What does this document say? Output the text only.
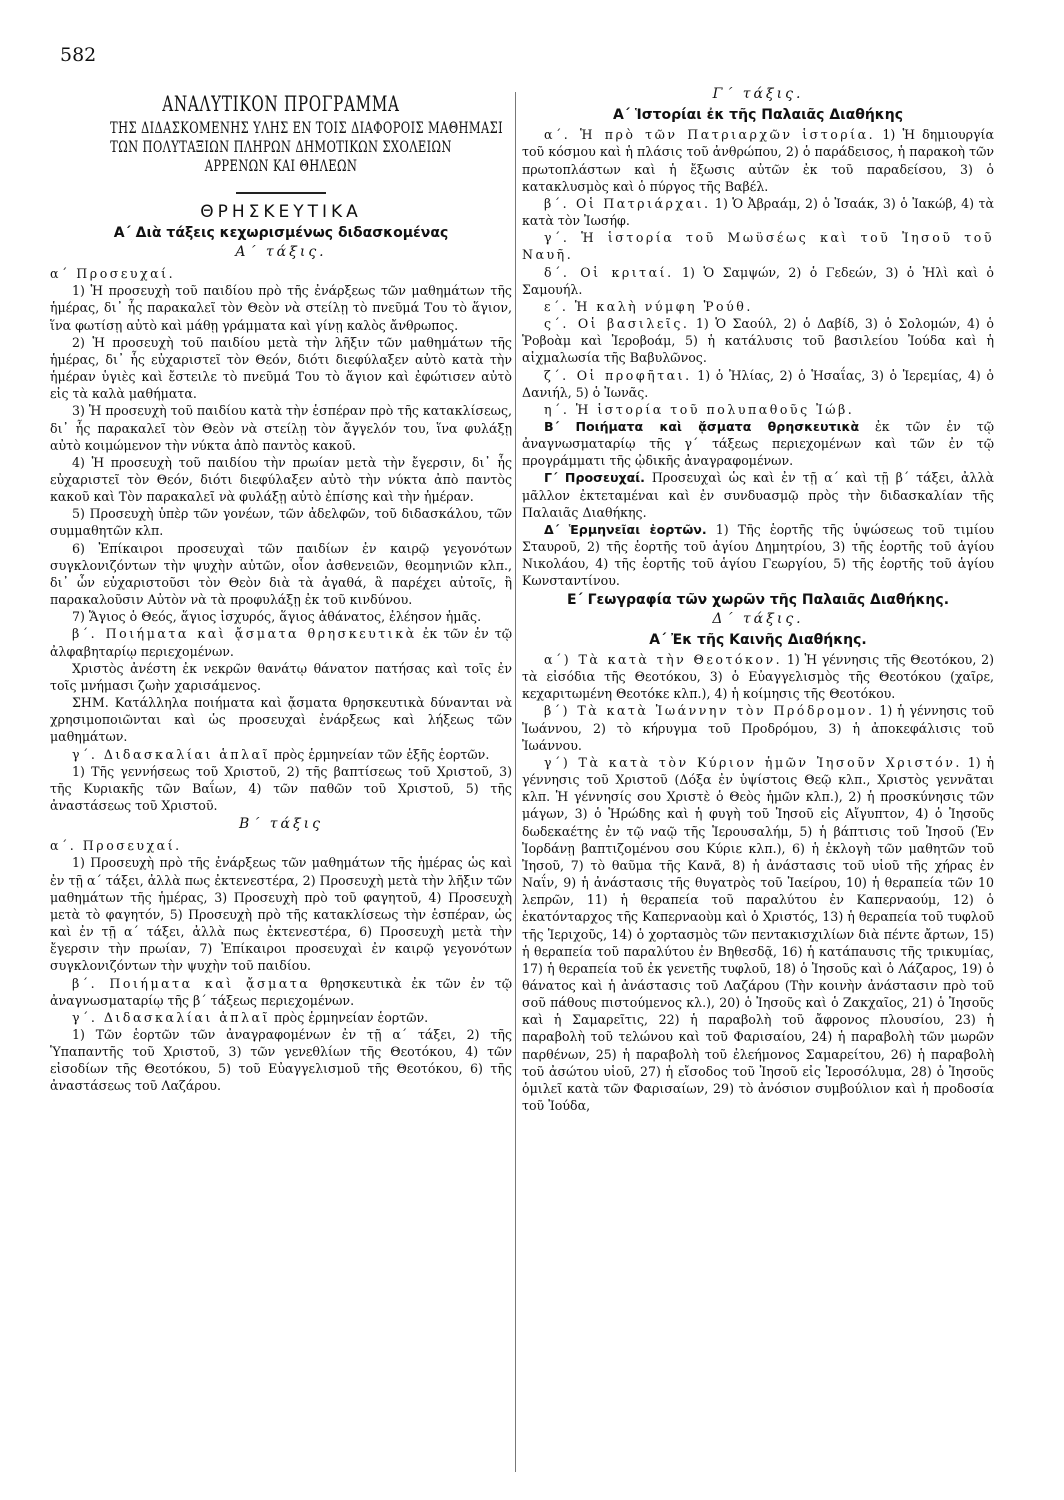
582
ΑΝΑΛΥΤΙΚΟΝ ΠΡΟΓΡΑΜΜΑ

ΤΗΣ ΔΙΔΑΣΚΟΜΕΝΗΣ ΥΛΗΣ ΕΝ ΤΟΙΣ ΔΙΑΦΟΡΟΙΣ ΜΑΘΗΜΑΣΙ

ΤΩΝ ΠΟΛΥΤΑΞΙΩΝ ΠΛΗΡΩΝ ΔΗΜΟΤΙΚΩΝ ΣΧΟΛΕΙΩΝ

ΑΡΡΕΝΩΝ ΚΑΙ ΘΗΛΕΩΝ

ΘΡΗΣΚΕΥΤΙΚΑ
Α΄ Διὰ τάξεις κεχωρισμένως διδασκομένας
Α΄ τάξις.

α΄ Προσευχαί.

1) Ἡ προσευχὴ τοῦ παιδίου πρὸ τῆς ἐνάρξεως τῶν μαθημάτων τῆς ἡμέρας, δι᾽ ἧς παρακαλεῖ τὸν Θεὸν νὰ στείλῃ τὸ πνεῦμά Του τὸ ἅγιον, ἵνα φωτίσῃ αὐτὸ καὶ μάθῃ γράμματα καὶ γίνῃ καλὸς ἄνθρωπος.

2) Ἡ προσευχὴ τοῦ παιδίου μετὰ τὴν λῆξιν τῶν μαθημάτων τῆς ἡμέρας, δι᾽ ἧς εὐχαριστεῖ τὸν Θεόν, διότι διεφύλαξεν αὐτὸ κατὰ τὴν ἡμέραν ὑγιὲς καὶ ἔστειλε τὸ πνεῦμά Του τὸ ἅγιον καὶ ἐφώτισεν αὐτὸ εἰς τὰ καλὰ μαθήματα.

3) Ἡ προσευχὴ τοῦ παιδίου κατὰ τὴν ἑσπέραν πρὸ τῆς κατακλίσεως, δι᾽ ἧς παρακαλεῖ τὸν Θεὸν νὰ στείλῃ τὸν ἄγγελόν του, ἵνα φυλάξῃ αὐτὸ κοιμώμενον τὴν νύκτα ἀπὸ παντὸς κακοῦ.

4) Ἡ προσευχὴ τοῦ παιδίου τὴν πρωίαν μετὰ τὴν ἔγερσιν, δι᾽ ἧς εὐχαριστεῖ τὸν Θεόν, διότι διεφύλαξεν αὐτὸ τὴν νύκτα ἀπὸ παντὸς κακοῦ καὶ Τὸν παρακαλεῖ νὰ φυλάξῃ αὐτὸ ἐπίσης καὶ τὴν ἡμέραν.

5) Προσευχὴ ὑπὲρ τῶν γονέων, τῶν ἀδελφῶν, τοῦ διδασκάλου, τῶν συμμαθητῶν κλπ.

6) Ἐπίκαιροι προσευχαὶ τῶν παιδίων ἐν καιρῷ γεγονότων συγκλονιζόντων τὴν ψυχὴν αὐτῶν, οἷον ἀσθενειῶν, θεομηνιῶν κλπ., δι᾽ ὧν εὐχαριστοῦσι τὸν Θεὸν διὰ τὰ ἀγαθά, ἃ παρέχει αὐτοῖς, ἢ παρακαλοῦσιν Αὐτὸν νὰ τὰ προφυλάξῃ ἐκ τοῦ κινδύνου.

7) Ἅγιος ὁ Θεός, ἅγιος ἰσχυρός, ἅγιος ἀθάνατος, ἐλέησον ἡμᾶς.

β΄. Ποιήματα καὶ ᾄσματα θρησκευτικὰ ἐκ τῶν ἐν τῷ ἀλφαβηταρίῳ περιεχομένων.

Χριστὸς ἀνέστη ἐκ νεκρῶν θανάτῳ θάνατον πατήσας καὶ τοῖς ἐν τοῖς μνήμασι ζωὴν χαρισάμενος.

ΣΗΜ. Κατάλληλα ποιήματα καὶ ᾄσματα θρησκευτικὰ δύνανται νὰ χρησιμοποιῶνται καὶ ὡς προσευχαὶ ἐνάρξεως καὶ λήξεως τῶν μαθημάτων.

γ΄. Διδασκαλίαι ἁπλαῖ πρὸς ἑρμηνείαν τῶν ἑξῆς ἑορτῶν.

1) Τῆς γεννήσεως τοῦ Χριστοῦ, 2) τῆς βαπτίσεως τοῦ Χριστοῦ, 3) τῆς Κυριακῆς τῶν Βαΐων, 4) τῶν παθῶν τοῦ Χριστοῦ, 5) τῆς ἀναστάσεως τοῦ Χριστοῦ.

Β΄ τάξις

α΄. Προσευχαί.

1) Προσευχὴ πρὸ τῆς ἐνάρξεως τῶν μαθημάτων τῆς ἡμέρας ὡς καὶ ἐν τῇ α΄ τάξει, ἀλλὰ πως ἐκτενεστέρα, 2) Προσευχὴ μετὰ τὴν λῆξιν τῶν μαθημάτων τῆς ἡμέρας, 3) Προσευχὴ πρὸ τοῦ φαγητοῦ, 4) Προσευχὴ μετὰ τὸ φαγητόν, 5) Προσευχὴ πρὸ τῆς κατακλίσεως τὴν ἑσπέραν, ὡς καὶ ἐν τῇ α΄ τάξει, ἀλλὰ πως ἐκτενεστέρα, 6) Προσευχὴ μετὰ τὴν ἔγερσιν τὴν πρωίαν, 7) Ἐπίκαιροι προσευχαὶ ἐν καιρῷ γεγονότων συγκλονιζόντων τὴν ψυχὴν τοῦ παιδίου.

β΄. Ποιήματα καὶ ᾄσματα θρησκευτικὰ ἐκ τῶν ἐν τῷ ἀναγνωσματαρίῳ τῆς β΄ τάξεως περιεχομένων.

γ΄. Διδασκαλίαι ἁπλαῖ πρὸς ἑρμηνείαν ἑορτῶν.

1) Τῶν ἑορτῶν τῶν ἀναγραφομένων ἐν τῇ α΄ τάξει, 2) τῆς Ὑπαπαντῆς τοῦ Χριστοῦ, 3) τῶν γενεθλίων τῆς Θεοτόκου, 4) τῶν εἰσοδίων τῆς Θεοτόκου, 5) τοῦ Εὐαγγελισμοῦ τῆς Θεοτόκου, 6) τῆς ἀναστάσεως τοῦ Λαζάρου.

Γ΄ τάξις.
Α΄ Ἱστορίαι ἐκ τῆς Παλαιᾶς Διαθήκης

α΄. Ἡ πρὸ τῶν Πατριαρχῶν ἱστορία. 1) Ἡ δημιουργία τοῦ κόσμου καὶ ἡ πλάσις τοῦ ἀνθρώπου, 2) ὁ παράδεισος, ἡ παρακοὴ τῶν πρωτοπλάστων καὶ ἡ ἔξωσις αὐτῶν ἐκ τοῦ παραδείσου, 3) ὁ κατακλυσμὸς καὶ ὁ πύργος τῆς Βαβέλ.

β΄. Οἱ Πατριάρχαι. 1) Ὁ Ἀβραάμ, 2) ὁ Ἰσαάκ, 3) ὁ Ἰακώβ, 4) τὰ κατὰ τὸν Ἰωσήφ.

γ΄. Ἡ ἱστορία τοῦ Μωϋσέως καὶ τοῦ Ἰησοῦ τοῦ Ναυῆ.

δ΄. Οἱ κριταί. 1) Ὁ Σαμψών, 2) ὁ Γεδεών, 3) ὁ Ἠλὶ καὶ ὁ Σαμουήλ.

ε΄. Ἡ καλὴ νύμφη Ῥούθ.

ς΄. Οἱ βασιλεῖς. 1) Ὁ Σαούλ, 2) ὁ Δαβίδ, 3) ὁ Σολομών, 4) ὁ Ῥοβοὰμ καὶ Ἰεροβοάμ, 5) ἡ κατάλυσις τοῦ βασιλείου Ἰούδα καὶ ἡ αἰχμαλωσία τῆς Βαβυλῶνος.

ζ΄. Οἱ προφῆται. 1) ὁ Ἠλίας, 2) ὁ Ἡσαΐας, 3) ὁ Ἱερεμίας, 4) ὁ Δανιήλ, 5) ὁ Ἰωνᾶς.

η΄. Ἡ ἱστορία τοῦ πολυπαθοῦς Ἰώβ.

Β΄ Ποιήματα καὶ ᾄσματα θρησκευτικὰ ἐκ τῶν ἐν τῷ ἀναγνωσματαρίῳ τῆς γ΄ τάξεως περιεχομένων καὶ τῶν ἐν τῷ προγράμματι τῆς ᾠδικῆς ἀναγραφομένων.

Γ΄ Προσευχαί. Προσευχαὶ ὡς καὶ ἐν τῇ α΄ καὶ τῇ β΄ τάξει, ἀλλὰ μᾶλλον ἐκτεταμέναι καὶ ἐν συνδυασμῷ πρὸς τὴν διδασκαλίαν τῆς Παλαιᾶς Διαθήκης.

Δ΄ Ἑρμηνεῖαι ἑορτῶν. 1) Τῆς ἑορτῆς τῆς ὑψώσεως τοῦ τιμίου Σταυροῦ, 2) τῆς ἑορτῆς τοῦ ἁγίου Δημητρίου, 3) τῆς ἑορτῆς τοῦ ἁγίου Νικολάου, 4) τῆς ἑορτῆς τοῦ ἁγίου Γεωργίου, 5) τῆς ἑορτῆς τοῦ ἁγίου Κωνσταντίνου.

Ε΄ Γεωγραφία τῶν χωρῶν τῆς Παλαιᾶς Διαθήκης.
Δ΄ τάξις.
Α΄ Ἐκ τῆς Καινῆς Διαθήκης.

α΄) Τὰ κατὰ τὴν Θεοτόκον. 1) Ἡ γέννησις τῆς Θεοτόκου, 2) τὰ εἰσόδια τῆς Θεοτόκου, 3) ὁ Εὐαγγελισμὸς τῆς Θεοτόκου (χαῖρε, κεχαριτωμένη Θεοτόκε κλπ.), 4) ἡ κοίμησις τῆς Θεοτόκου.

β΄) Τὰ κατὰ Ἰωάννην τὸν Πρόδρομον. 1) ἡ γέννησις τοῦ Ἰωάννου, 2) τὸ κήρυγμα τοῦ Προδρόμου, 3) ἡ ἀποκεφάλισις τοῦ Ἰωάννου.

γ΄) Τὰ κατὰ τὸν Κύριον ἡμῶν Ἰησοῦν Χριστόν. 1) ἡ γέννησις τοῦ Χριστοῦ (Δόξα ἐν ὑψίστοις Θεῷ κλπ., Χριστὸς γεννᾶται κλπ. Ἡ γέννησίς σου Χριστὲ ὁ Θεὸς ἡμῶν κλπ.), 2) ἡ προσκύνησις τῶν μάγων, 3) ὁ Ἡρώδης καὶ ἡ φυγὴ τοῦ Ἰησοῦ εἰς Αἴγυπτον, 4) ὁ Ἰησοῦς δωδεκαέτης ἐν τῷ ναῷ τῆς Ἱερουσαλήμ, 5) ἡ βάπτισις τοῦ Ἰησοῦ (Ἐν Ἰορδάνῃ βαπτιζομένου σου Κύριε κλπ.), 6) ἡ ἐκλογὴ τῶν μαθητῶν τοῦ Ἰησοῦ, 7) τὸ θαῦμα τῆς Κανᾶ, 8) ἡ ἀνάστασις τοῦ υἱοῦ τῆς χήρας ἐν Ναΐν, 9) ἡ ἀνάστασις τῆς θυγατρὸς τοῦ Ἰαείρου, 10) ἡ θεραπεία τῶν 10 λεπρῶν, 11) ἡ θεραπεία τοῦ παραλύτου ἐν Καπερναούμ, 12) ὁ ἑκατόνταρχος τῆς Καπερναοὺμ καὶ ὁ Χριστός, 13) ἡ θεραπεία τοῦ τυφλοῦ τῆς Ἱεριχοῦς, 14) ὁ χορτασμὸς τῶν πεντακισχιλίων διὰ πέντε ἄρτων, 15) ἡ θεραπεία τοῦ παραλύτου ἐν Βηθεσδᾷ, 16) ἡ κατάπαυσις τῆς τρικυμίας, 17) ἡ θεραπεία τοῦ ἐκ γενετῆς τυφλοῦ, 18) ὁ Ἰησοῦς καὶ ὁ Λάζαρος, 19) ὁ θάνατος καὶ ἡ ἀνάστασις τοῦ Λαζάρου (Τὴν κοινὴν ἀνάστασιν πρὸ τοῦ σοῦ πάθους πιστούμενος κλ.), 20) ὁ Ἰησοῦς καὶ ὁ Ζακχαῖος, 21) ὁ Ἰησοῦς καὶ ἡ Σαμαρεῖτις, 22) ἡ παραβολὴ τοῦ ἄφρονος πλουσίου, 23) ἡ παραβολὴ τοῦ τελώνου καὶ τοῦ Φαρισαίου, 24) ἡ παραβολὴ τῶν μωρῶν παρθένων, 25) ἡ παραβολὴ τοῦ ἐλεήμονος Σαμαρείτου, 26) ἡ παραβολὴ τοῦ ἀσώτου υἱοῦ, 27) ἡ εἴσοδος τοῦ Ἰησοῦ εἰς Ἱεροσόλυμα, 28) ὁ Ἰησοῦς ὁμιλεῖ κατὰ τῶν Φαρισαίων, 29) τὸ ἀνόσιον συμβούλιον καὶ ἡ προδοσία τοῦ Ἰούδα,
